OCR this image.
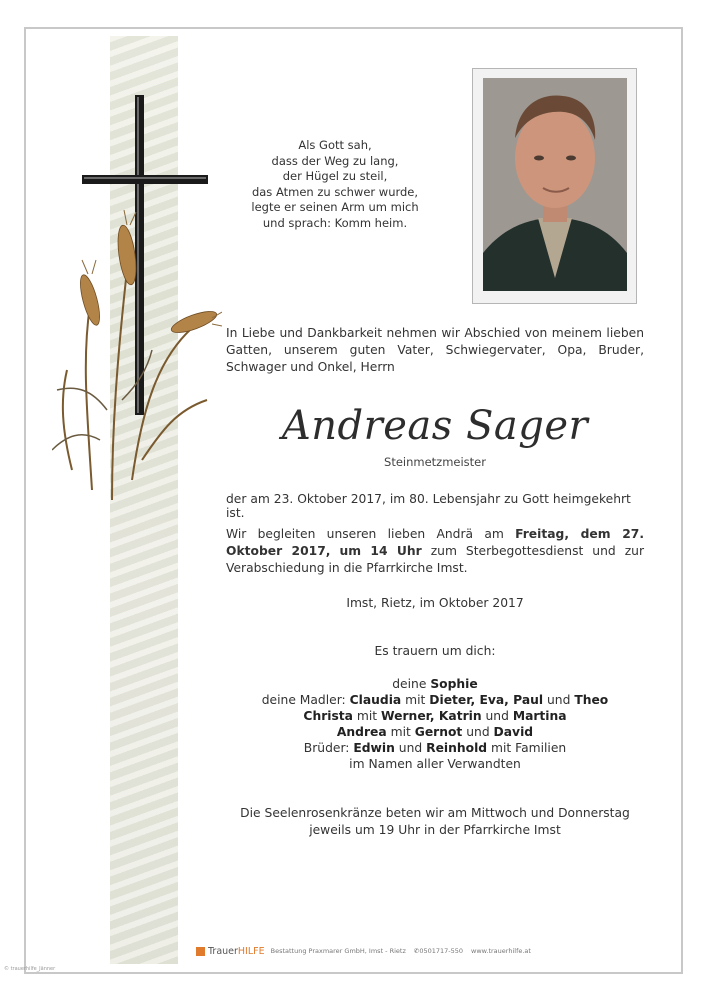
Als Gott sah,
dass der Weg zu lang,
der Hügel zu steil,
das Atmen zu schwer wurde,
legte er seinen Arm um mich
und sprach: Komm heim.
In Liebe und Dankbarkeit nehmen wir Abschied von meinem lieben Gatten, unserem guten Vater, Schwiegervater, Opa, Bruder, Schwager und Onkel, Herrn
Andreas Sager
Steinmetzmeister
der am 23. Oktober 2017, im 80. Lebensjahr zu Gott heimgekehrt ist.
Wir begleiten unseren lieben Andrä am Freitag, dem 27. Oktober 2017, um 14 Uhr zum Sterbegottesdienst und zur Verabschiedung in die Pfarrkirche Imst.
Imst, Rietz, im Oktober 2017
Es trauern um dich:
deine Sophie
deine Madler: Claudia mit Dieter, Eva, Paul und Theo
Christa mit Werner, Katrin und Martina
Andrea mit Gernot und David
Brüder: Edwin und Reinhold mit Familien
im Namen aller Verwandten
Die Seelenrosenkränze beten wir am Mittwoch und Donnerstag
jeweils um 19 Uhr in der Pfarrkirche Imst
TrauerHILFE Bestattung Praxmarer GmbH, Imst - Rietz ✆0501717-550 www.trauerhilfe.at
© trauerhilfe_Jänner
